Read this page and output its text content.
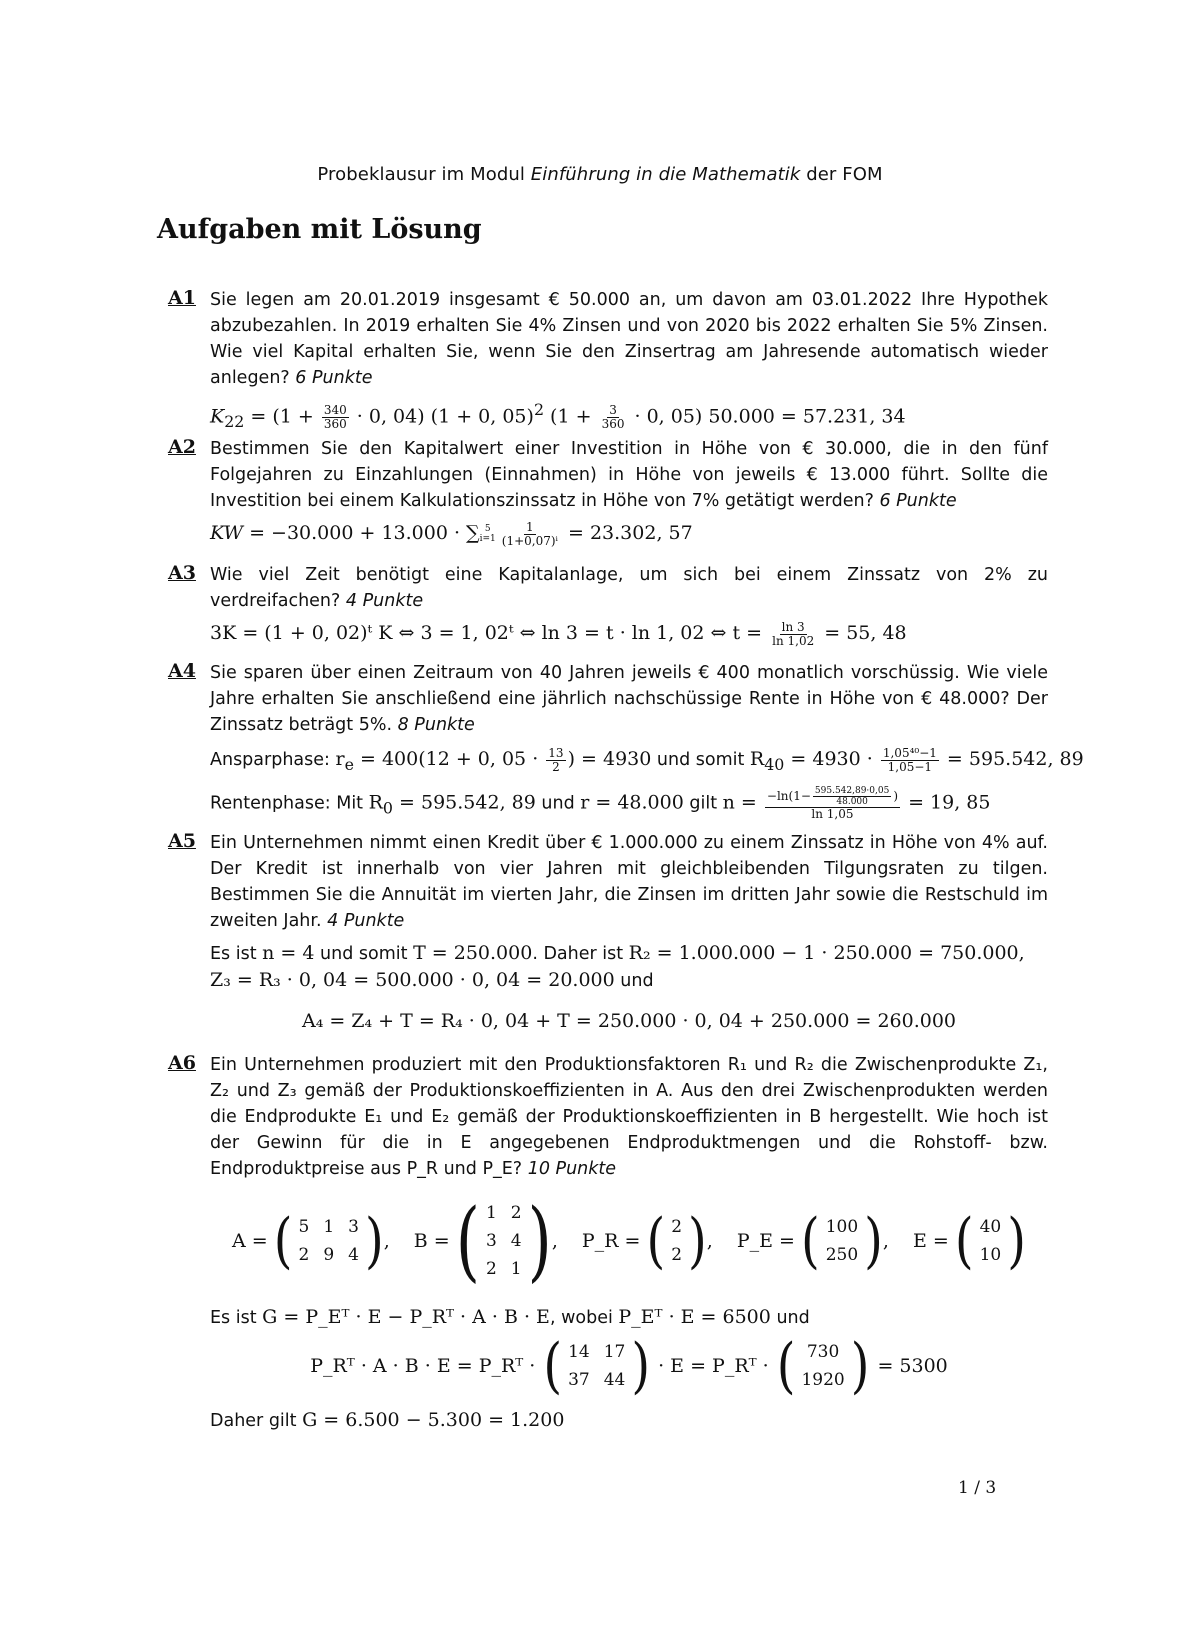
Probeklausur im Modul Einführung in die Mathematik der FOM
Aufgaben mit Lösung
A1 Sie legen am 20.01.2019 insgesamt € 50.000 an, um davon am 03.01.2022 Ihre Hypothek abzubezahlen. In 2019 erhalten Sie 4% Zinsen und von 2020 bis 2022 erhalten Sie 5% Zinsen. Wie viel Kapital erhalten Sie, wenn Sie den Zinsertrag am Jahresende automatisch wieder anlegen? 6 Punkte
$K_{22} = (1 + \frac{340}{360} \cdot 0$, 04) (1 + 0, 05)$^2$ ($1 + \frac{3}{360} \cdot 0$, 05) 50.000 = 57.231, 34
A2 Bestimmen Sie den Kapitalwert einer Investition in Höhe von € 30.000, die in den fünf Folgejahren zu Einzahlungen (Einnahmen) in Höhe von jeweils € 13.000 führt. Sollte die Investition bei einem Kalkulationszinssatz in Höhe von 7% getätigt werden? 6 Punkte
KW = −30.000 + 13.000 · ∑ 5
$i=1 \frac{1}{\text{(1+0,07)ⁱ}} = 23.302$, 57
A3 Wie viel Zeit benötigt eine Kapitalanlage, um sich bei einem Zinssatz von 2% zu verdreifachen? 4 Punkte
3K = (1 + 0, 02)ᵗ K ⇔ 3 = 1, 02ᵗ ⇔ ln 3 = t · ln 1, 02 ⇔ $t = \frac{\ln 3}{\ln 1,02} = 55$, 48
A4 Sie sparen über einen Zeitraum von 40 Jahren jeweils € 400 monatlich vorschüssig. Wie viele Jahre erhalten Sie anschließend eine jährlich nachschüssige Rente in Höhe von € 48.000? Der Zinssatz beträgt 5%. 8 Punkte
Ansparphase: $r_e = 400(12 + 0$, $05 \cdot \frac{13}{2}$ ) = 4930 und somit $R_{40} = 4930 \cdot \frac{\text{1,05⁴⁰−1}}{1,05-1} = 595.542$, 89
Rentenphase: Mit $R_0 = 595.542$, 89 und r = 48.000 gilt $n = \frac{-\ln(1- \frac{595.542,89\cdot 0,05}{48.000} )}{\ln 1,05} = 19$, 85
A5 Ein Unternehmen nimmt einen Kredit über € 1.000.000 zu einem Zinssatz in Höhe von 4% auf. Der Kredit ist innerhalb von vier Jahren mit gleichbleibenden Tilgungsraten zu tilgen. Bestimmen Sie die Annuität im vierten Jahr, die Zinsen im dritten Jahr sowie die Restschuld im zweiten Jahr. 4 Punkte
Es ist n = 4 und somit T = 250.000. Daher ist R₂ = 1.000.000 − 1 · 250.000 = 750.000,
Z₃ = R₃ · 0, 04 = 500.000 · 0, 04 = 20.000 und
A₄ = Z₄ + T = R₄ · 0, 04 + T = 250.000 · 0, 04 + 250.000 = 260.000
A6 Ein Unternehmen produziert mit den Produktionsfaktoren R₁ und R₂ die Zwischenprodukte Z₁, Z₂ und Z₃ gemäß der Produktionskoeffizienten in A. Aus den drei Zwischenprodukten werden die Endprodukte E₁ und E₂ gemäß der Produktionskoeffizienten in B hergestellt. Wie hoch ist der Gewinn für die in E angegebenen Endproduktmengen und die Rohstoff- bzw. Endproduktpreise aus P_R und P_E? 10 Punkte
A =
( 5 1 3
2 9 4 ) , B =
( 1 2
3 4
2 1 ) , P_R =
( 2
2 ) , P_E =
( 100
250 ) , E =
( 40
10 )
Es ist G = P_Eᵀ · E − P_Rᵀ · A · B · E, wobei P_Eᵀ · E = 6500 und
P_Rᵀ · A · B · E = P_Rᵀ · ( 14 17
37 44 ) · E = P_Rᵀ · ( 730
1920 ) = 5300
Daher gilt G = 6.500 − 5.300 = 1.200
1 / 3
